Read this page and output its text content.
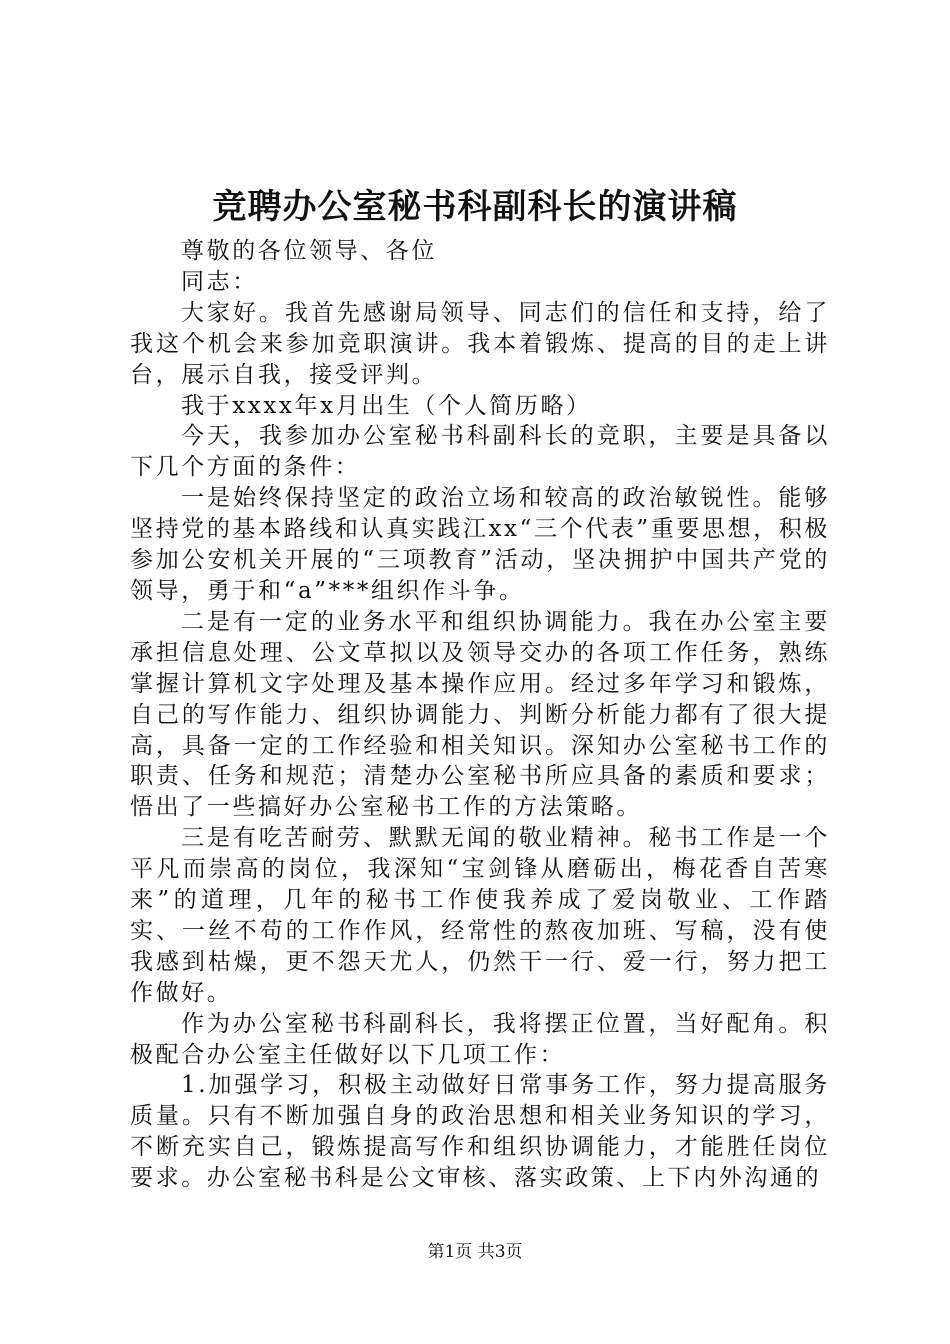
竞聘办公室秘书科副科长的演讲稿

尊敬的各位领导、各位

同志：

大家好。我首先感谢局领导、同志们的信任和支持，给了我这个机会来参加竞职演讲。我本着锻炼、提高的目的走上讲台，展示自我，接受评判。

我于xxxx年x月出生（个人简历略）

今天，我参加办公室秘书科副科长的竞职，主要是具备以下几个方面的条件：

一是始终保持坚定的政治立场和较高的政治敏锐性。能够坚持党的基本路线和认真实践江xx“三个代表”重要思想，积极参加公安机关开展的“三项教育”活动，坚决拥护中国共产党的领导，勇于和“a”***组织作斗争。

二是有一定的业务水平和组织协调能力。我在办公室主要承担信息处理、公文草拟以及领导交办的各项工作任务，熟练掌握计算机文字处理及基本操作应用。经过多年学习和锻炼，自己的写作能力、组织协调能力、判断分析能力都有了很大提高，具备一定的工作经验和相关知识。深知办公室秘书工作的职责、任务和规范；清楚办公室秘书所应具备的素质和要求；悟出了一些搞好办公室秘书工作的方法策略。

三是有吃苦耐劳、默默无闻的敬业精神。秘书工作是一个平凡而崇高的岗位，我深知“宝剑锋从磨砺出，梅花香自苦寒来”的道理，几年的秘书工作使我养成了爱岗敬业、工作踏实、一丝不苟的工作作风，经常性的熬夜加班、写稿，没有使我感到枯燥，更不怨天尤人，仍然干一行、爱一行，努力把工作做好。

作为办公室秘书科副科长，我将摆正位置，当好配角。积极配合办公室主任做好以下几项工作：

1.加强学习，积极主动做好日常事务工作，努力提高服务质量。只有不断加强自身的政治思想和相关业务知识的学习，不断充实自己，锻炼提高写作和组织协调能力，才能胜任岗位要求。办公室秘书科是公文审核、落实政策、上下内外沟通的

第1页 共3页
